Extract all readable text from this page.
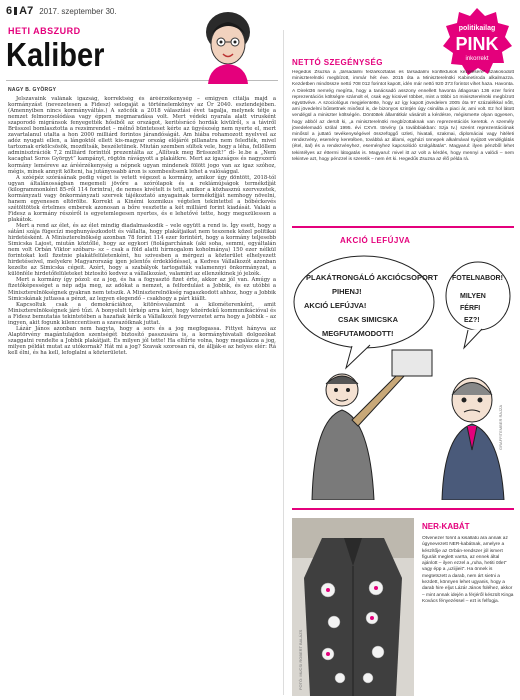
6 A7 2017. szeptember 30.
HETI ABSZURD
Kaliber
NAGY B. GYÖRGY

Jelszavaink valának igazság, korrektség és áréérzékenység – emigyen citálja majd a kormányzást (nevezetesen a Fidesz) selogaját a történelemkönyv az Ür 2040. esztendejében. (Amennyiben nincs kormányváltás.) A szöcőik a 2018 választási évet tagalja, melynek tétje a nemzet felmorzsolódása vagy éppen megmaradása volt. Mert védeki nyarala alatt virusként szaporodó migránsok fenyegették hősiből az országot, keritésrácó hordák kivülről, s a táviről Brüsszel bomlasztotta a rezsimrendet – mélnő bünteteset kérte az ügyészség nem nyerte el, mert zavartalanul utalta a hon 2000 milliárd forintos járandóságát. Am hiába rohamozott nyelvvel az adóz nyugati ellen, a lángoktól ellett kis-magyar ország előjárói pillanatra nem feledték, mivel tartoznak erkölcsösök, mozdítsák, beszéletünek. Miután szemben sültek vele, hogy a léha, fellöllem adminisztrációk 7,2 milliárd forinttól prezentálta az „Állítsuk meg Brüsszelt!” dí- le.be a „Nem kacaghat Soros Györgyt” kampányt, rögtön rávágyott a plakátkre. Mert az igazságos és nagyszerű kormány leméreve az áréérzékenység a népnek ugyan mindenek fölött jogo van az igaz szóhoz, mégis, minek annyit költeni, ha jutányosabb áron is szembesítsenk lehet a valósággal.

A szóépéz szórásának pedig véget is vetett végezet a kormány, amikor úgy döntött, 2018-tól ugyan általánosságban megemeli jövőre a szórólapok és a reklámújságok termékdíját (kilogrammonként 85-ről 114 forintra), de nemes kivételt is tett, amikor a közhasznú szervezetek, kormányzati vagy önkormányzati szervek tájékoztató anyagainak termékdíjját nemhogy növelni, hanem egyenesen eltörölte. Korrekt a Kinémi kozmikus végtelen tekintettel a bőbéckevés szétöltöttek értelmes emberek azonosan a bőre vesztette a két milliárd forint kiadását. Valaki a Fidesz a kormány részéről is egyetemlegesen nyertes, és e lehetővé tette, hogy megszülessen a plakátok.

Mert a rend az élet, és az élet mindig diadalmaskodik – vele együtt a rend is. Így esett, hogy a sátáni szája fügecízi meghunyászkodott és vállalta, hogy plakátjaikat nem teszenek közel politikai hirdetésként. A Miniszterelnökség azonban 78 forint 114 ezer forintért, hogy a kormány teljesebb Simicska Lajost, miután köztőllé, hogy az egykori (fiolágarchának (aki soha, semmi, egyáltalán nem volt Orbán Viktor szóbaru- sz – csak a föld alatti hírmogalom koholmánya) 150 ezer nélkül forintokat kell fizetnie plakátfelületenként, hu szivesben a mérgezi a közterület elhelyezett hirdetéseivel, melyekre Magyarország igen jelentős érdeklődéssel, a Kedves Vállalkozót azonban kezelte az Simicska cégeit. Azért, hogy a szabályok tartogatták valamennyi önkormányzat, a különféle hirdetőfelületeket biztosító kedvez a vállalkozást, valamint az ellenzékinek jó jelzék.

Mert a kormány így pózol: ez a jog, és ha a fogyasztó fizet érte, akkor az jól van. Amúgy a fizetőképességet a nép adja meg, az adókat a nemzet, a felfordulást a Jobbik, és ez utóbbi a Miniszterelnökségnek gyakran nem tetszik. A Miniszterelnökség ragaszkodott ahhoz, hogy a Jobbik Simicskának juttassa a pénzt, az legyen elegendő – csakhogy a párt kiállt.

Kapcsoltuk csak a demokráciához, kitörésvalamint a kilométerenként, amit Miniszterelnökségnek járó tűzi. A bonyolult térkép arra kéri, hogy közérdekű kommunikációval és a Fidesz bemutatás tekintetében a hazafiak kérik a Vállalkozói fegyverzetet arra hogy a Jobbik – az ingyen, akit fogunk kilenccentisen a szavazóiknak juttat.

Lázár János azonban nem hagyta, hogy a sors és a jog megfogassa. Fittyet hányva az Alaptörvény magántulajdon szentségét biztosító passzusára is, a kormányhivatali dolgozókat szaggatni rendelte a Jobbik plakátjait. És milyen jól tette! Ha eltűrte volna, hogy megalázza a jog, milyen példát mutat az utókornak? Hát mi a jog? Szavak szorosan rá, de állják-e az helyes elér: Rá kell élni, és ha kell, lefoglalni a közterületet.

politikailag
PINK
inkorrekt
NETTÓ SZEGÉNYSÉG
Hegedűs Zsuzsa a „társadalmi felzárkóztatás és társadalmi konfliktusok kezelésére” szakosodott miniszterelnöki megbízott, immár hét éve. 2015 óta a Miniszterelnöki Kabinetiroda alkalmazza. Kezdetben mindössze nettó 708 012 forintot kapott, idén már nettó 920 373 forintot vihet haza. Havonta. A Direkt36 nemrég megírta, hogy a tanácsadó asszony ennellett havonta átlagosan 136 ezer forint reprezentációs költségre számolt el, csak egy kicsivel többet, mint a többi 14 miniszterelnöki megbízott együttvéve. A szociológus megjelentette, hogy az így kapott jövedelem 2005 óta 97 százalékkal nőtt, ami jövedelmi bűntettnek minősül is, de bizonyos szintjén úgy csinálta a piaci ár, ami volt. Ez hol látott vendégül a miniszter költségén. Döntöttek államtitkár vásárolt a kérdésre, mégismerte olyan ügyesen, hogy abból az derült ki, „a miniszterelnöki megbízottaknak van reprezentációs keretük. A személy jövedelemadó szólal 1995. évi CXVII. törvény (a továbbiakban: Szja tv.) szerint reprezentációnak minősül a juttató tevékenységével összefüggő üzleti, hivatali, szakmai, diplomáciai vagy hitéleti rendezvény, esemény keretében, továbbá az állami, egyházi ünnepek alkalmával nyújtott vendéglátás (étel, ital) és a rendezvényhez, eseményhez kapcsolódó szolgáltatás”. Magyarul: ilyen pénzből lehet tekintélyes az éttermi látogatás is. Magyarul: mivel itt az volt a kérdés, hogy mennyi a valódi – nem tekintve azt, hogy pénzzel is szeretik – nem ért ki. Hegedűs Zsuzsa az élő példa rá.
AKCIÓ LEFÚJVA
PLAKÁTRONGÁLÓ AKCIÓCSOPORT PIHENJ! AKCIÓ LEFÚJVA! CSAK SIMICSKA MEGFUTAMODOTT!
FOTELNABOR! MILYEN FÉRFI EZ?!
GRAFFITEMBER RAJZA
FOTÓ: MUCSI ROBERT BALÁZS
NER-KABÁT
Ötvenezer forint a kisállatú ára annak az úgynevezett NER-kabátnak, amelyre a készítője az Orbán-rendszer jól ismert figuráit meglett varrta, az ennek által ajánlott – ilyen ezzel a „ruha, hetiti ötlet” vagy épp a „uziijieit”. Ha önnek is megtetszett a darab, nem árt sietni a kezdett, könnyen lehet ugyanis, hogy a darab hire eljut Lázár János füléhez, akkor – mint annak idején a férjéről készült Kinga Kovács fényezéssel – ezt is felfogja.
